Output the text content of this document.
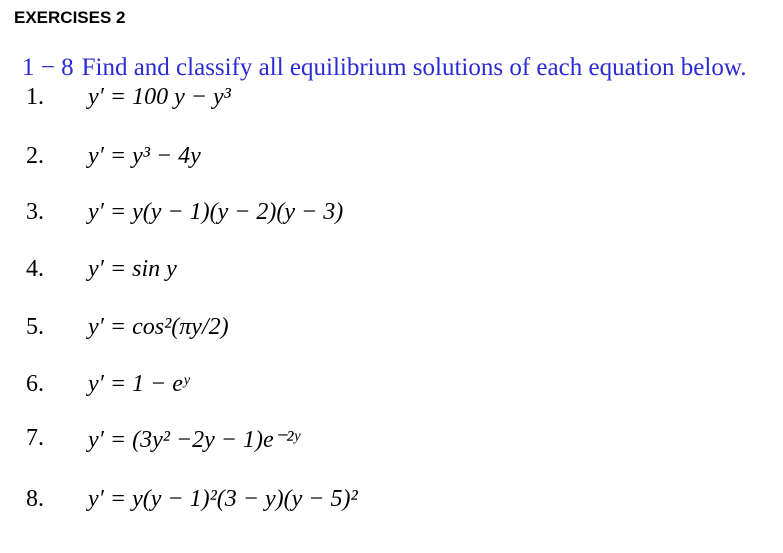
EXERCISES 2
1 − 8 Find and classify all equilibrium solutions of each equation below.
1. y′ = 100 y − y³
2. y′ = y³ − 4y
3. y′ = y(y − 1)(y − 2)(y − 3)
4. y′ = sin y
5. y′ = cos²(πy/2)
6. y′ = 1 − eʸ
7. y′ = (3y² −2y − 1)e⁻²ʸ
8. y′ = y(y − 1)²(3 − y)(y − 5)²
